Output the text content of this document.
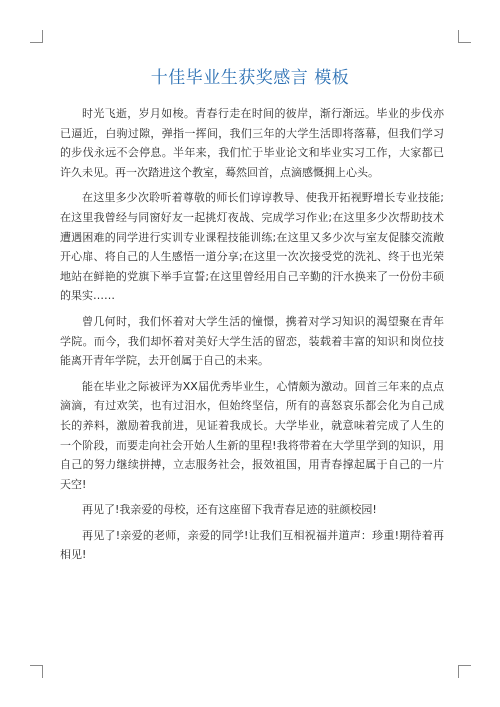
十佳毕业生获奖感言 模板

时光飞逝，岁月如梭。青春行走在时间的彼岸，渐行渐远。毕业的步伐亦已逼近，白驹过隙，弹指一挥间，我们三年的大学生活即将落幕，但我们学习的步伐永远不会停息。半年来，我们忙于毕业论文和毕业实习工作，大家都已许久未见。再一次踏进这个教室，蓦然回首，点滴感慨拥上心头。

在这里多少次聆听着尊敬的师长们谆谆教导、使我开拓视野增长专业技能;在这里我曾经与同窗好友一起挑灯夜战、完成学习作业;在这里多少次帮助技术遭遇困难的同学进行实训专业课程技能训练;在这里又多少次与室友促膝交流敞开心扉、将自己的人生感悟一道分享;在这里一次次接受党的洗礼、终于也光荣地站在鲜艳的党旗下举手宣誓;在这里曾经用自己辛勤的汗水换来了一份份丰硕的果实……

曾几何时，我们怀着对大学生活的憧憬，携着对学习知识的渴望聚在青年学院。而今，我们却怀着对美好大学生活的留恋，装载着丰富的知识和岗位技能离开青年学院，去开创属于自己的未来。

能在毕业之际被评为XX届优秀毕业生，心情颇为激动。回首三年来的点点滴滴，有过欢笑，也有过泪水，但始终坚信，所有的喜怒哀乐都会化为自己成长的养料，激励着我前进，见证着我成长。大学毕业，就意味着完成了人生的一个阶段，而要走向社会开始人生新的里程!我将带着在大学里学到的知识，用自己的努力继续拼搏，立志服务社会，报效祖国，用青春撑起属于自己的一片天空!

再见了!我亲爱的母校，还有这座留下我青春足迹的驻颜校园!

再见了!亲爱的老师，亲爱的同学!让我们互相祝福并道声：珍重!期待着再相见!
